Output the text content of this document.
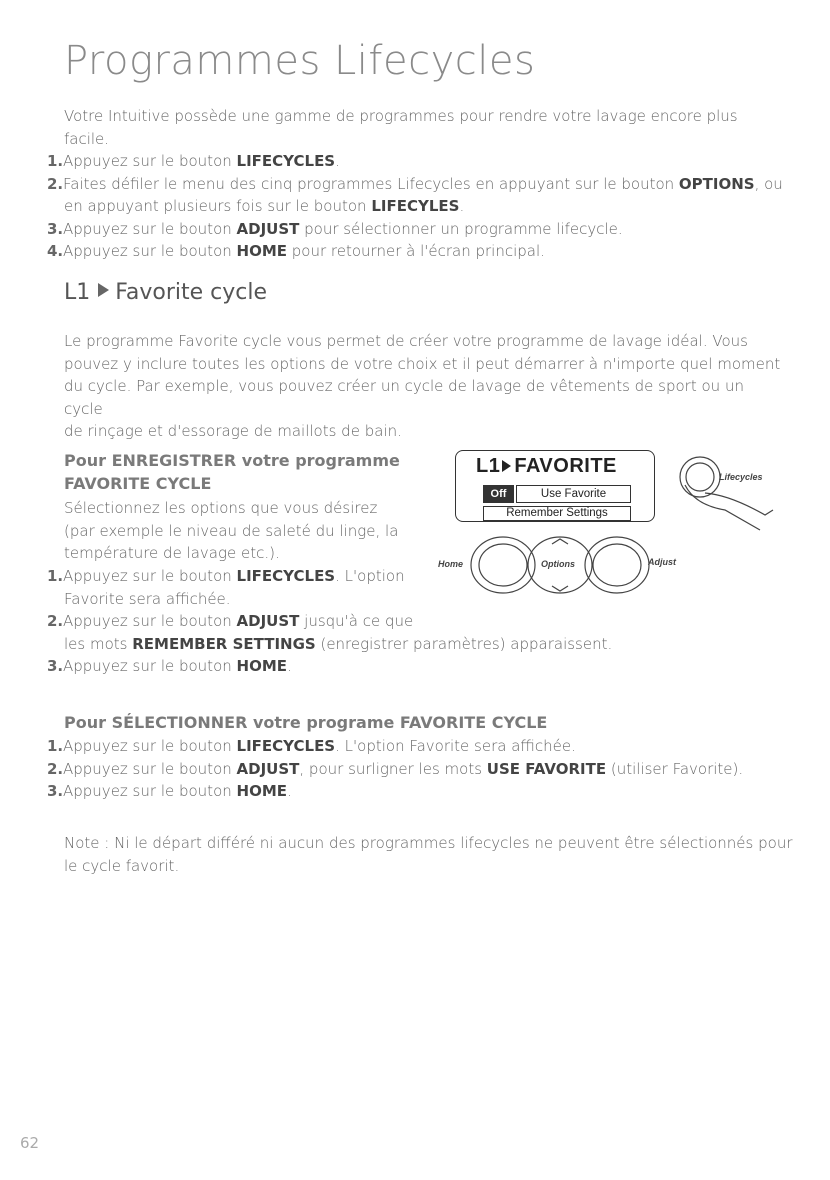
Programmes Lifecycles
Votre Intuitive possède une gamme de programmes pour rendre votre lavage encore plus facile.
1.Appuyez sur le bouton LIFECYCLES.
2.Faites défiler le menu des cinq programmes Lifecycles en appuyant sur le bouton OPTIONS, ou
en appuyant plusieurs fois sur le bouton LIFECYLES.
3.Appuyez sur le bouton ADJUST pour sélectionner un programme lifecycle.
4.Appuyez sur le bouton HOME pour retourner à l'écran principal.
L1 Favorite cycle
Le programme Favorite cycle vous permet de créer votre programme de lavage idéal. Vous
pouvez y inclure toutes les options de votre choix et il peut démarrer à n'importe quel moment
du cycle. Par exemple, vous pouvez créer un cycle de lavage de vêtements de sport ou un cycle
de rinçage et d'essorage de maillots de bain.
Pour ENREGISTRER votre programme
FAVORITE CYCLE
Sélectionnez les options que vous désirez
(par exemple le niveau de saleté du linge, la
température de lavage etc.).
1.Appuyez sur le bouton LIFECYCLES. L'option
Favorite sera affichée.
2.Appuyez sur le bouton ADJUST jusqu'à ce que
les mots REMEMBER SETTINGS (enregistrer paramètres) apparaissent.
3.Appuyez sur le bouton HOME.
Pour SÉLECTIONNER votre programe FAVORITE CYCLE
1.Appuyez sur le bouton LIFECYCLES. L'option Favorite sera affichée.
2.Appuyez sur le bouton ADJUST, pour surligner les mots USE FAVORITE (utiliser Favorite).
3.Appuyez sur le bouton HOME.
Note : Ni le départ différé ni aucun des programmes lifecycles ne peuvent être sélectionnés pour
le cycle favorit.
L1 FAVORITE
Off	Use Favorite
Remember Settings
Home	Options	Adjust
Lifecycles
62
